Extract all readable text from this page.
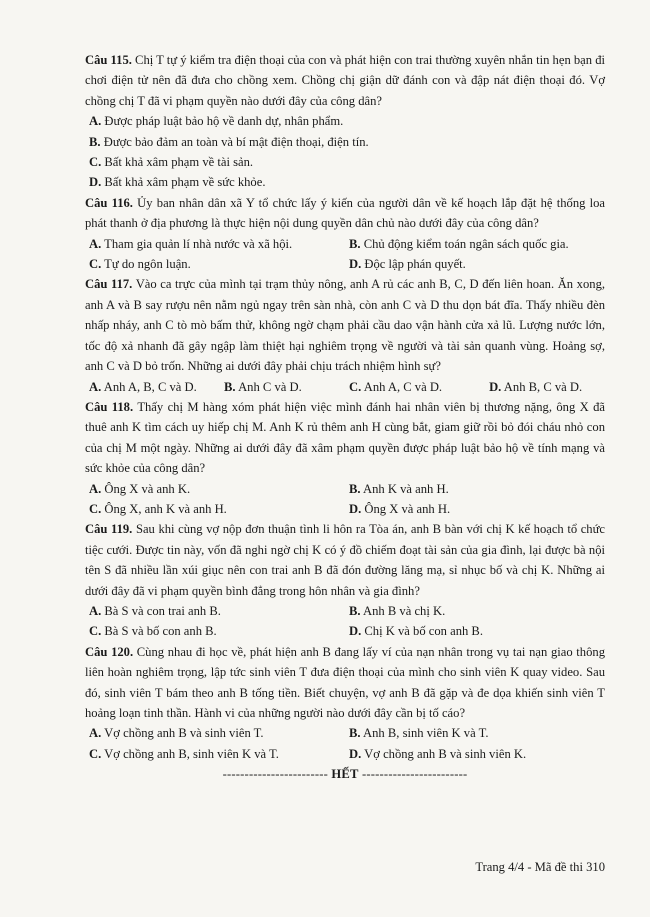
Câu 115. Chị T tự ý kiểm tra điện thoại của con và phát hiện con trai thường xuyên nhắn tin hẹn bạn đi chơi điện tử nên đã đưa cho chồng xem. Chồng chị giận dữ đánh con và đập nát điện thoại đó. Vợ chồng chị T đã vi phạm quyền nào dưới đây của công dân?

A. Được pháp luật bảo hộ về danh dự, nhân phẩm.
B. Được bảo đảm an toàn và bí mật điện thoại, điện tín.
C. Bất khả xâm phạm về tài sản.
D. Bất khả xâm phạm về sức khỏe.

Câu 116. Ủy ban nhân dân xã Y tổ chức lấy ý kiến của người dân về kế hoạch lắp đặt hệ thống loa phát thanh ở địa phương là thực hiện nội dung quyền dân chủ nào dưới đây của công dân?

A. Tham gia quản lí nhà nước và xã hội.	B. Chủ động kiểm toán ngân sách quốc gia.
C. Tự do ngôn luận.	D. Độc lập phán quyết.

Câu 117. Vào ca trực của mình tại trạm thủy nông, anh A rủ các anh B, C, D đến liên hoan. Ăn xong, anh A và B say rượu nên nằm ngủ ngay trên sàn nhà, còn anh C và D thu dọn bát đĩa. Thấy nhiều đèn nhấp nháy, anh C tò mò bấm thử, không ngờ chạm phải cầu dao vận hành cửa xả lũ. Lượng nước lớn, tốc độ xả nhanh đã gây ngập làm thiệt hại nghiêm trọng về người và tài sản quanh vùng. Hoảng sợ, anh C và D bỏ trốn. Những ai dưới đây phải chịu trách nhiệm hình sự?

A. Anh A, B, C và D.	B. Anh C và D.	C. Anh A, C và D.	D. Anh B, C và D.

Câu 118. Thấy chị M hàng xóm phát hiện việc mình đánh hai nhân viên bị thương nặng, ông X đã thuê anh K tìm cách uy hiếp chị M. Anh K rủ thêm anh H cùng bắt, giam giữ rồi bỏ đói cháu nhỏ con của chị M một ngày. Những ai dưới đây đã xâm phạm quyền được pháp luật bảo hộ về tính mạng và sức khỏe của công dân?

A. Ông X và anh K.	B. Anh K và anh H.
C. Ông X, anh K và anh H.	D. Ông X và anh H.

Câu 119. Sau khi cùng vợ nộp đơn thuận tình li hôn ra Tòa án, anh B bàn với chị K kế hoạch tổ chức tiệc cưới. Được tin này, vốn đã nghi ngờ chị K có ý đồ chiếm đoạt tài sản của gia đình, lại được bà nội tên S đã nhiều lần xúi giục nên con trai anh B đã đón đường lăng mạ, sỉ nhục bố và chị K. Những ai dưới đây đã vi phạm quyền bình đẳng trong hôn nhân và gia đình?

A. Bà S và con trai anh B.	B. Anh B và chị K.
C. Bà S và bố con anh B.	D. Chị K và bố con anh B.

Câu 120. Cùng nhau đi học về, phát hiện anh B đang lấy ví của nạn nhân trong vụ tai nạn giao thông liên hoàn nghiêm trọng, lập tức sinh viên T đưa điện thoại của mình cho sinh viên K quay video. Sau đó, sinh viên T bám theo anh B tống tiền. Biết chuyện, vợ anh B đã gặp và đe dọa khiến sinh viên T hoảng loạn tinh thần. Hành vi của những người nào dưới đây cần bị tố cáo?

A. Vợ chồng anh B và sinh viên T.	B. Anh B, sinh viên K và T.
C. Vợ chồng anh B, sinh viên K và T.	D. Vợ chồng anh B và sinh viên K.
------------------------ HẾT ------------------------
Trang 4/4 - Mã đề thi 310
